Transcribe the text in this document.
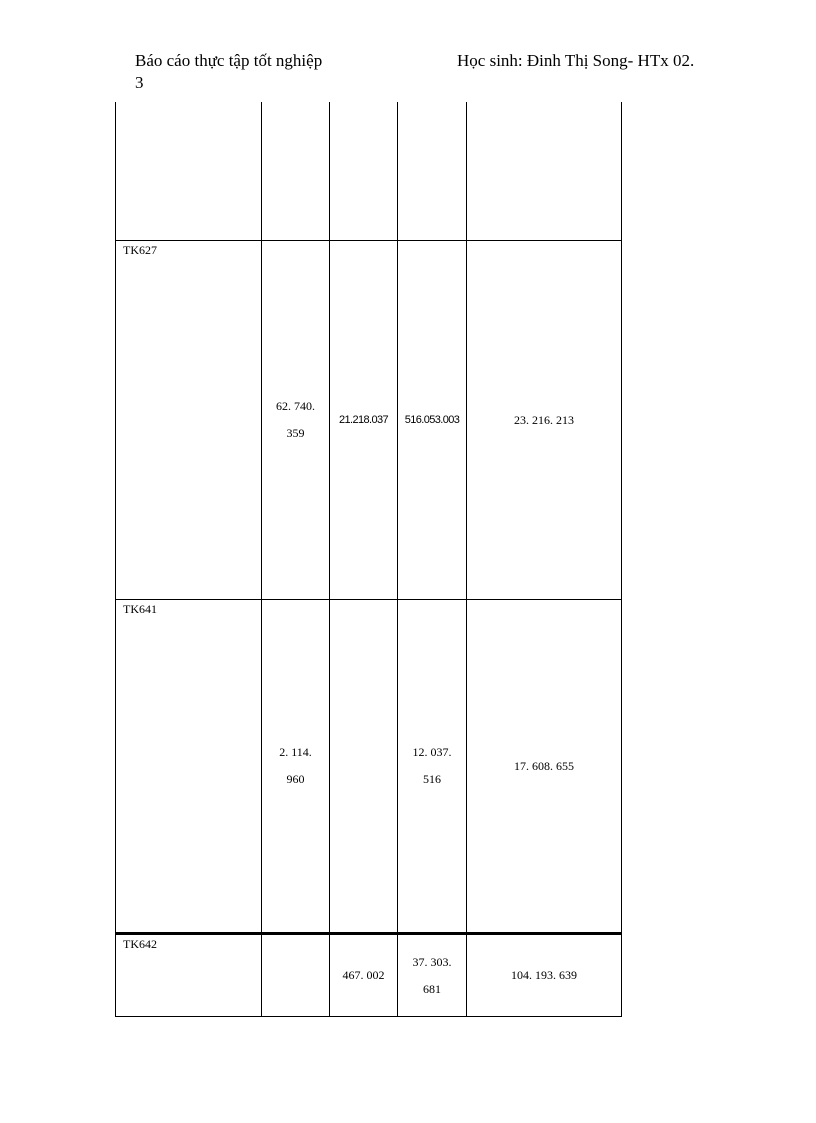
Báo cáo thực tập tốt nghiệp
3
Học sinh: Đinh Thị Song- HTx 02.
TK627
62. 740.
359
21.218.037 516.053.003	23. 216. 213
TK641
2. 114.
960
12. 037.
516
17. 608. 655
TK642
467. 002
37. 303.
681
104. 193. 639
